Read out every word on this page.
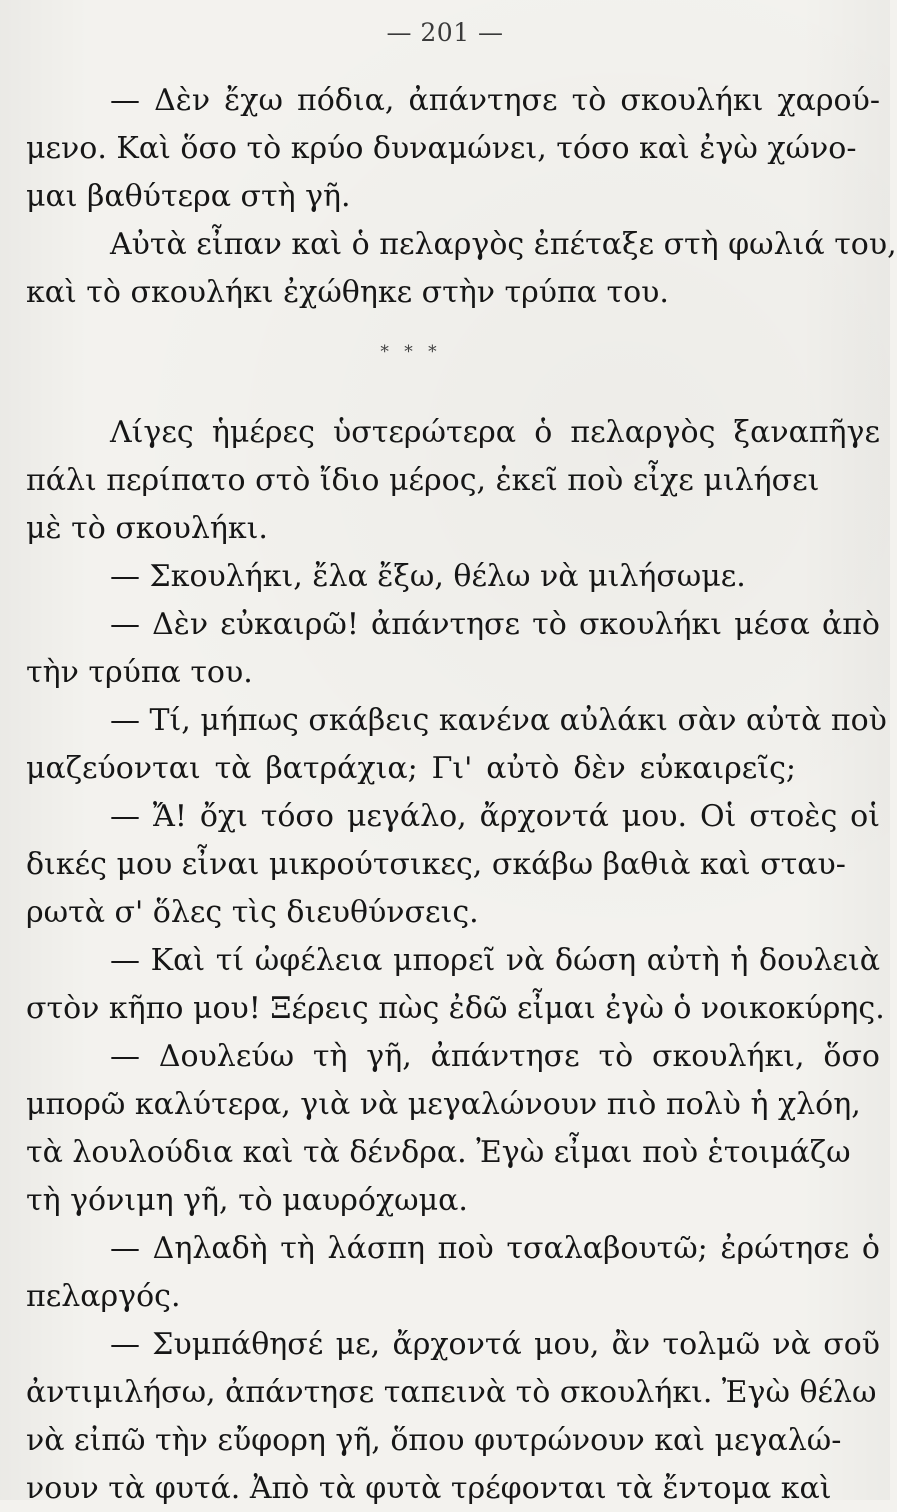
— 201 —
— Δὲν ἔχω πόδια, ἀπάντησε τὸ σκουλήκι χαρού-
μενο. Καὶ ὅσο τὸ κρύο δυναμώνει, τόσο καὶ ἐγὼ χώνο-
μαι βαθύτερα στὴ γῆ.
Αὐτὰ εἶπαν καὶ ὁ πελαργὸς ἐπέταξε στὴ φωλιά του,
καὶ τὸ σκουλήκι ἐχώθηκε στὴν τρύπα του.
* * *
Λίγες ἡμέρες ὑστερώτερα ὁ πελαργὸς ξαναπῆγε
πάλι περίπατο στὸ ἴδιο μέρος, ἐκεῖ ποὺ εἶχε μιλήσει
μὲ τὸ σκουλήκι.
— Σκουλήκι, ἔλα ἔξω, θέλω νὰ μιλήσωμε.
— Δὲν εὐκαιρῶ! ἀπάντησε τὸ σκουλήκι μέσα ἀπὸ
τὴν τρύπα του.
— Τί, μήπως σκάβεις κανένα αὐλάκι σὰν αὐτὰ ποὺ
μαζεύονται τὰ βατράχια; Γι' αὐτὸ δὲν εὐκαιρεῖς;
— Ἄ! ὄχι τόσο μεγάλο, ἄρχοντά μου. Οἱ στοὲς οἱ
δικές μου εἶναι μικρούτσικες, σκάβω βαθιὰ καὶ σταυ-
ρωτὰ σ' ὅλες τὶς διευθύνσεις.
— Καὶ τί ὠφέλεια μπορεῖ νὰ δώση αὐτὴ ἡ δουλειὰ
στὸν κῆπο μου! Ξέρεις πὼς ἐδῶ εἶμαι ἐγὼ ὁ νοικοκύρης.
— Δουλεύω τὴ γῆ, ἀπάντησε τὸ σκουλήκι, ὅσο
μπορῶ καλύτερα, γιὰ νὰ μεγαλώνουν πιὸ πολὺ ἡ χλόη,
τὰ λουλούδια καὶ τὰ δένδρα. Ἐγὼ εἶμαι ποὺ ἑτοιμάζω
τὴ γόνιμη γῆ, τὸ μαυρόχωμα.
— Δηλαδὴ τὴ λάσπη ποὺ τσαλαβουτῶ; ἐρώτησε ὁ
πελαργός.
— Συμπάθησέ με, ἄρχοντά μου, ἂν τολμῶ νὰ σοῦ
ἀντιμιλήσω, ἀπάντησε ταπεινὰ τὸ σκουλήκι. Ἐγὼ θέλω
νὰ εἰπῶ τὴν εὔφορη γῆ, ὅπου φυτρώνουν καὶ μεγαλώ-
νουν τὰ φυτά. Ἀπὸ τὰ φυτὰ τρέφονται τὰ ἔντομα καὶ
